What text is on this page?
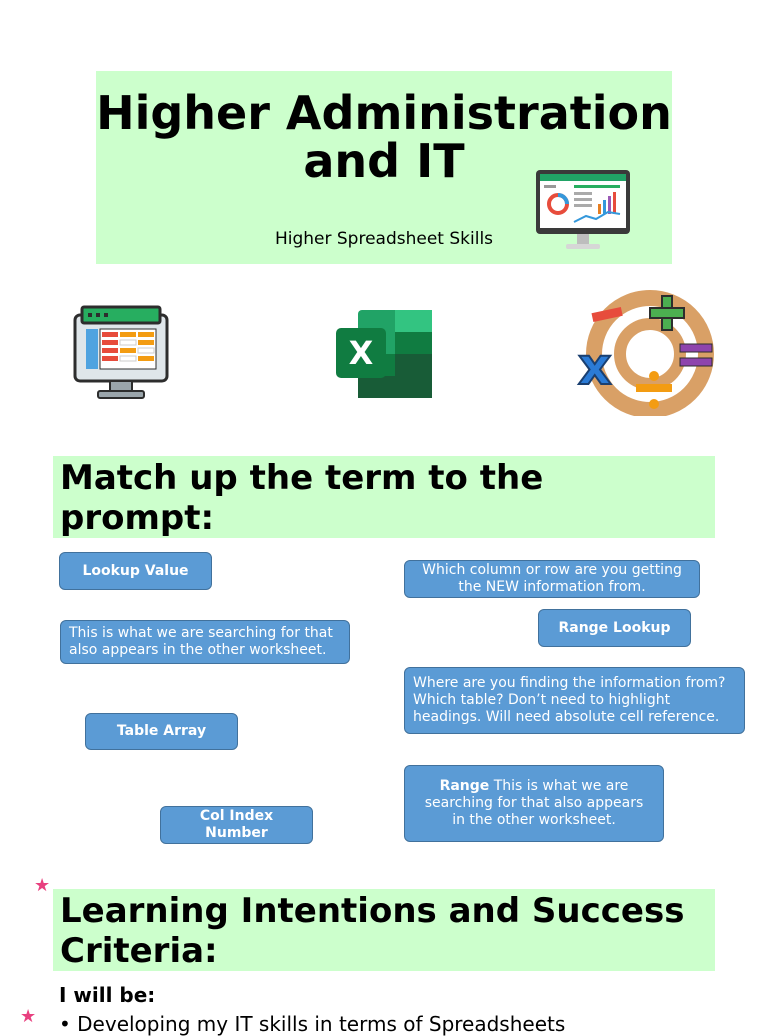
Higher Administration and IT
Higher Spreadsheet Skills
X	x
Match up the term to the prompt:
Lookup Value
Range Lookup
Table Array
Col Index Number
Which column or row are you getting the NEW information from.
This is what we are searching for that also appears in the other worksheet.
Where are you finding the information from? Which table? Don’t need to highlight headings. Will need absolute cell reference.
Range This is what we are searching for that also appears in the other worksheet.
★
★
Learning Intentions and Success Criteria:
I will be:
• Developing my IT skills in terms of Spreadsheets
